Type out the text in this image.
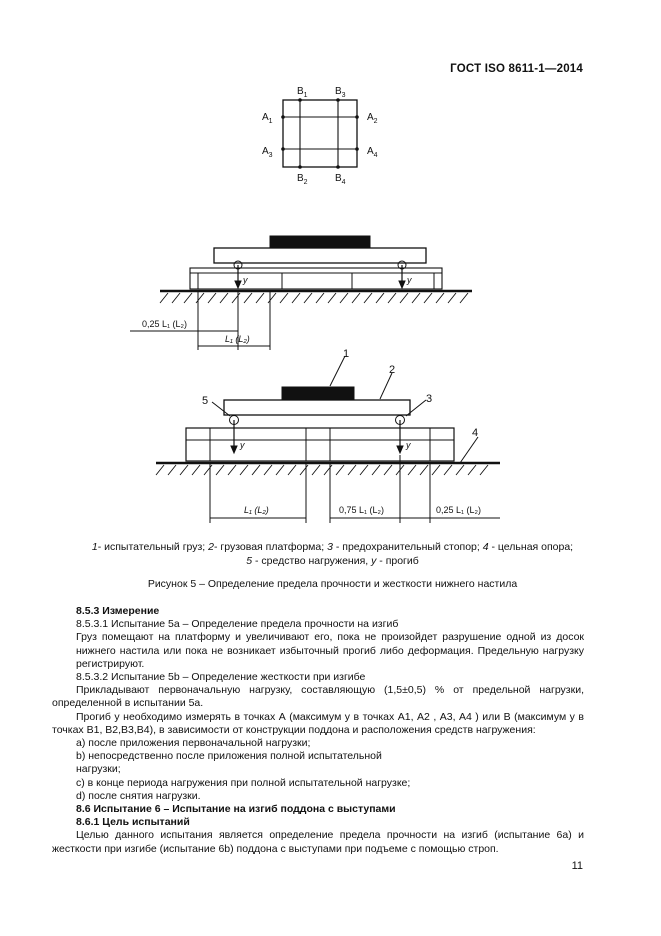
ГОСТ ISO 8611-1—2014
$B_1$	$B_3$
$A_1$	$A_2$
$A_3$	$A_4$
$B_2$	$B_4$
y	y
0,25 L₁ (L₂)
L₁ (L₂)
1
2
3
4
5
y	y
L₁ (L₂)	0,75 L₁ (L₂)	0,25 L₁ (L₂)
1- испытательный груз; 2- грузовая платформа; 3 - предохранительный стопор; 4 - цельная опора;
5 - средство нагружения, у - прогиб
Рисунок 5 – Определение предела прочности и жесткости нижнего настила

8.5.3 Измерение

8.5.3.1 Испытание 5а – Определение предела прочности на изгиб

Груз помещают на платформу и увеличивают его, пока не произойдет разрушение одной из досок нижнего настила или пока не возникает избыточный прогиб либо деформация. Предельную нагрузку регистрируют.

8.5.3.2 Испытание 5b – Определение жесткости при изгибе

Прикладывают первоначальную нагрузку, составляющую (1,5±0,5) % от предельной нагрузки, определенной в испытании 5а.

Прогиб у необходимо измерять в точках А (максимум у в точках А1, А2 , А3, А4 ) или В (максимум у в точках В1, В2,В3,В4), в зависимости от конструкции поддона и расположения средств нагружения:

а) после приложения первоначальной нагрузки;

b) непосредственно после приложения полной испытательной

нагрузки;

с) в конце периода нагружения при полной испытательной нагрузке;

d) после снятия нагрузки.

8.6 Испытание 6 – Испытание на изгиб поддона с выступами

8.6.1 Цель испытаний

Целью данного испытания является определение предела прочности на изгиб (испытание 6а) и жесткости при изгибе (испытание 6b) поддона с выступами при подъеме с помощью строп.

11
